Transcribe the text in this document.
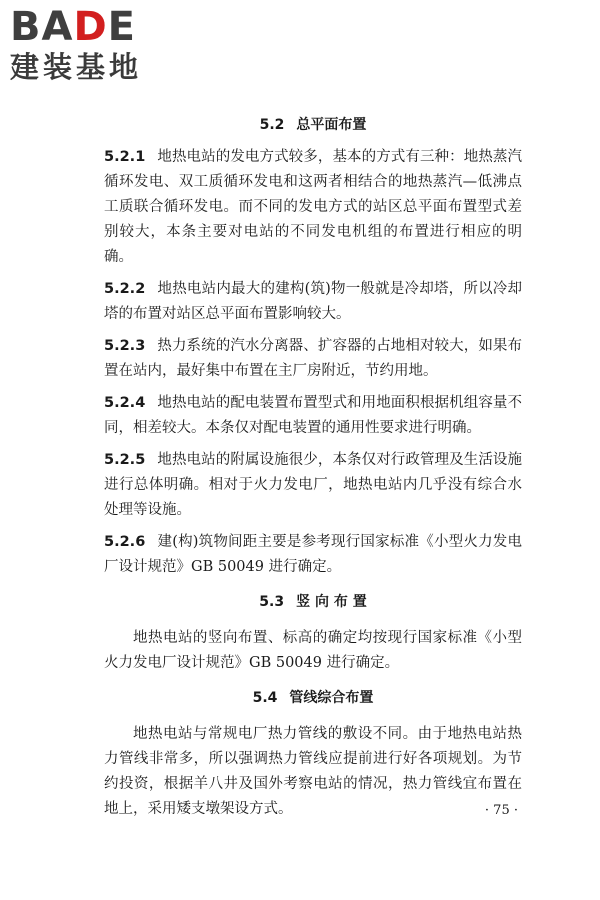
BADE
建装基地
5.2 总平面布置

5.2.1 地热电站的发电方式较多，基本的方式有三种：地热蒸汽循环发电、双工质循环发电和这两者相结合的地热蒸汽—低沸点工质联合循环发电。而不同的发电方式的站区总平面布置型式差别较大，本条主要对电站的不同发电机组的布置进行相应的明确。

5.2.2 地热电站内最大的建构(筑)物一般就是冷却塔，所以冷却塔的布置对站区总平面布置影响较大。

5.2.3 热力系统的汽水分离器、扩容器的占地相对较大，如果布置在站内，最好集中布置在主厂房附近，节约用地。

5.2.4 地热电站的配电装置布置型式和用地面积根据机组容量不同，相差较大。本条仅对配电装置的通用性要求进行明确。

5.2.5 地热电站的附属设施很少，本条仅对行政管理及生活设施进行总体明确。相对于火力发电厂，地热电站内几乎没有综合水处理等设施。

5.2.6 建(构)筑物间距主要是参考现行国家标准《小型火力发电厂设计规范》GB 50049 进行确定。

5.3 竖 向 布 置

地热电站的竖向布置、标高的确定均按现行国家标准《小型火力发电厂设计规范》GB 50049 进行确定。

5.4 管线综合布置

地热电站与常规电厂热力管线的敷设不同。由于地热电站热力管线非常多，所以强调热力管线应提前进行好各项规划。为节约投资，根据羊八井及国外考察电站的情况，热力管线宜布置在地上，采用矮支墩架设方式。	· 75 ·
